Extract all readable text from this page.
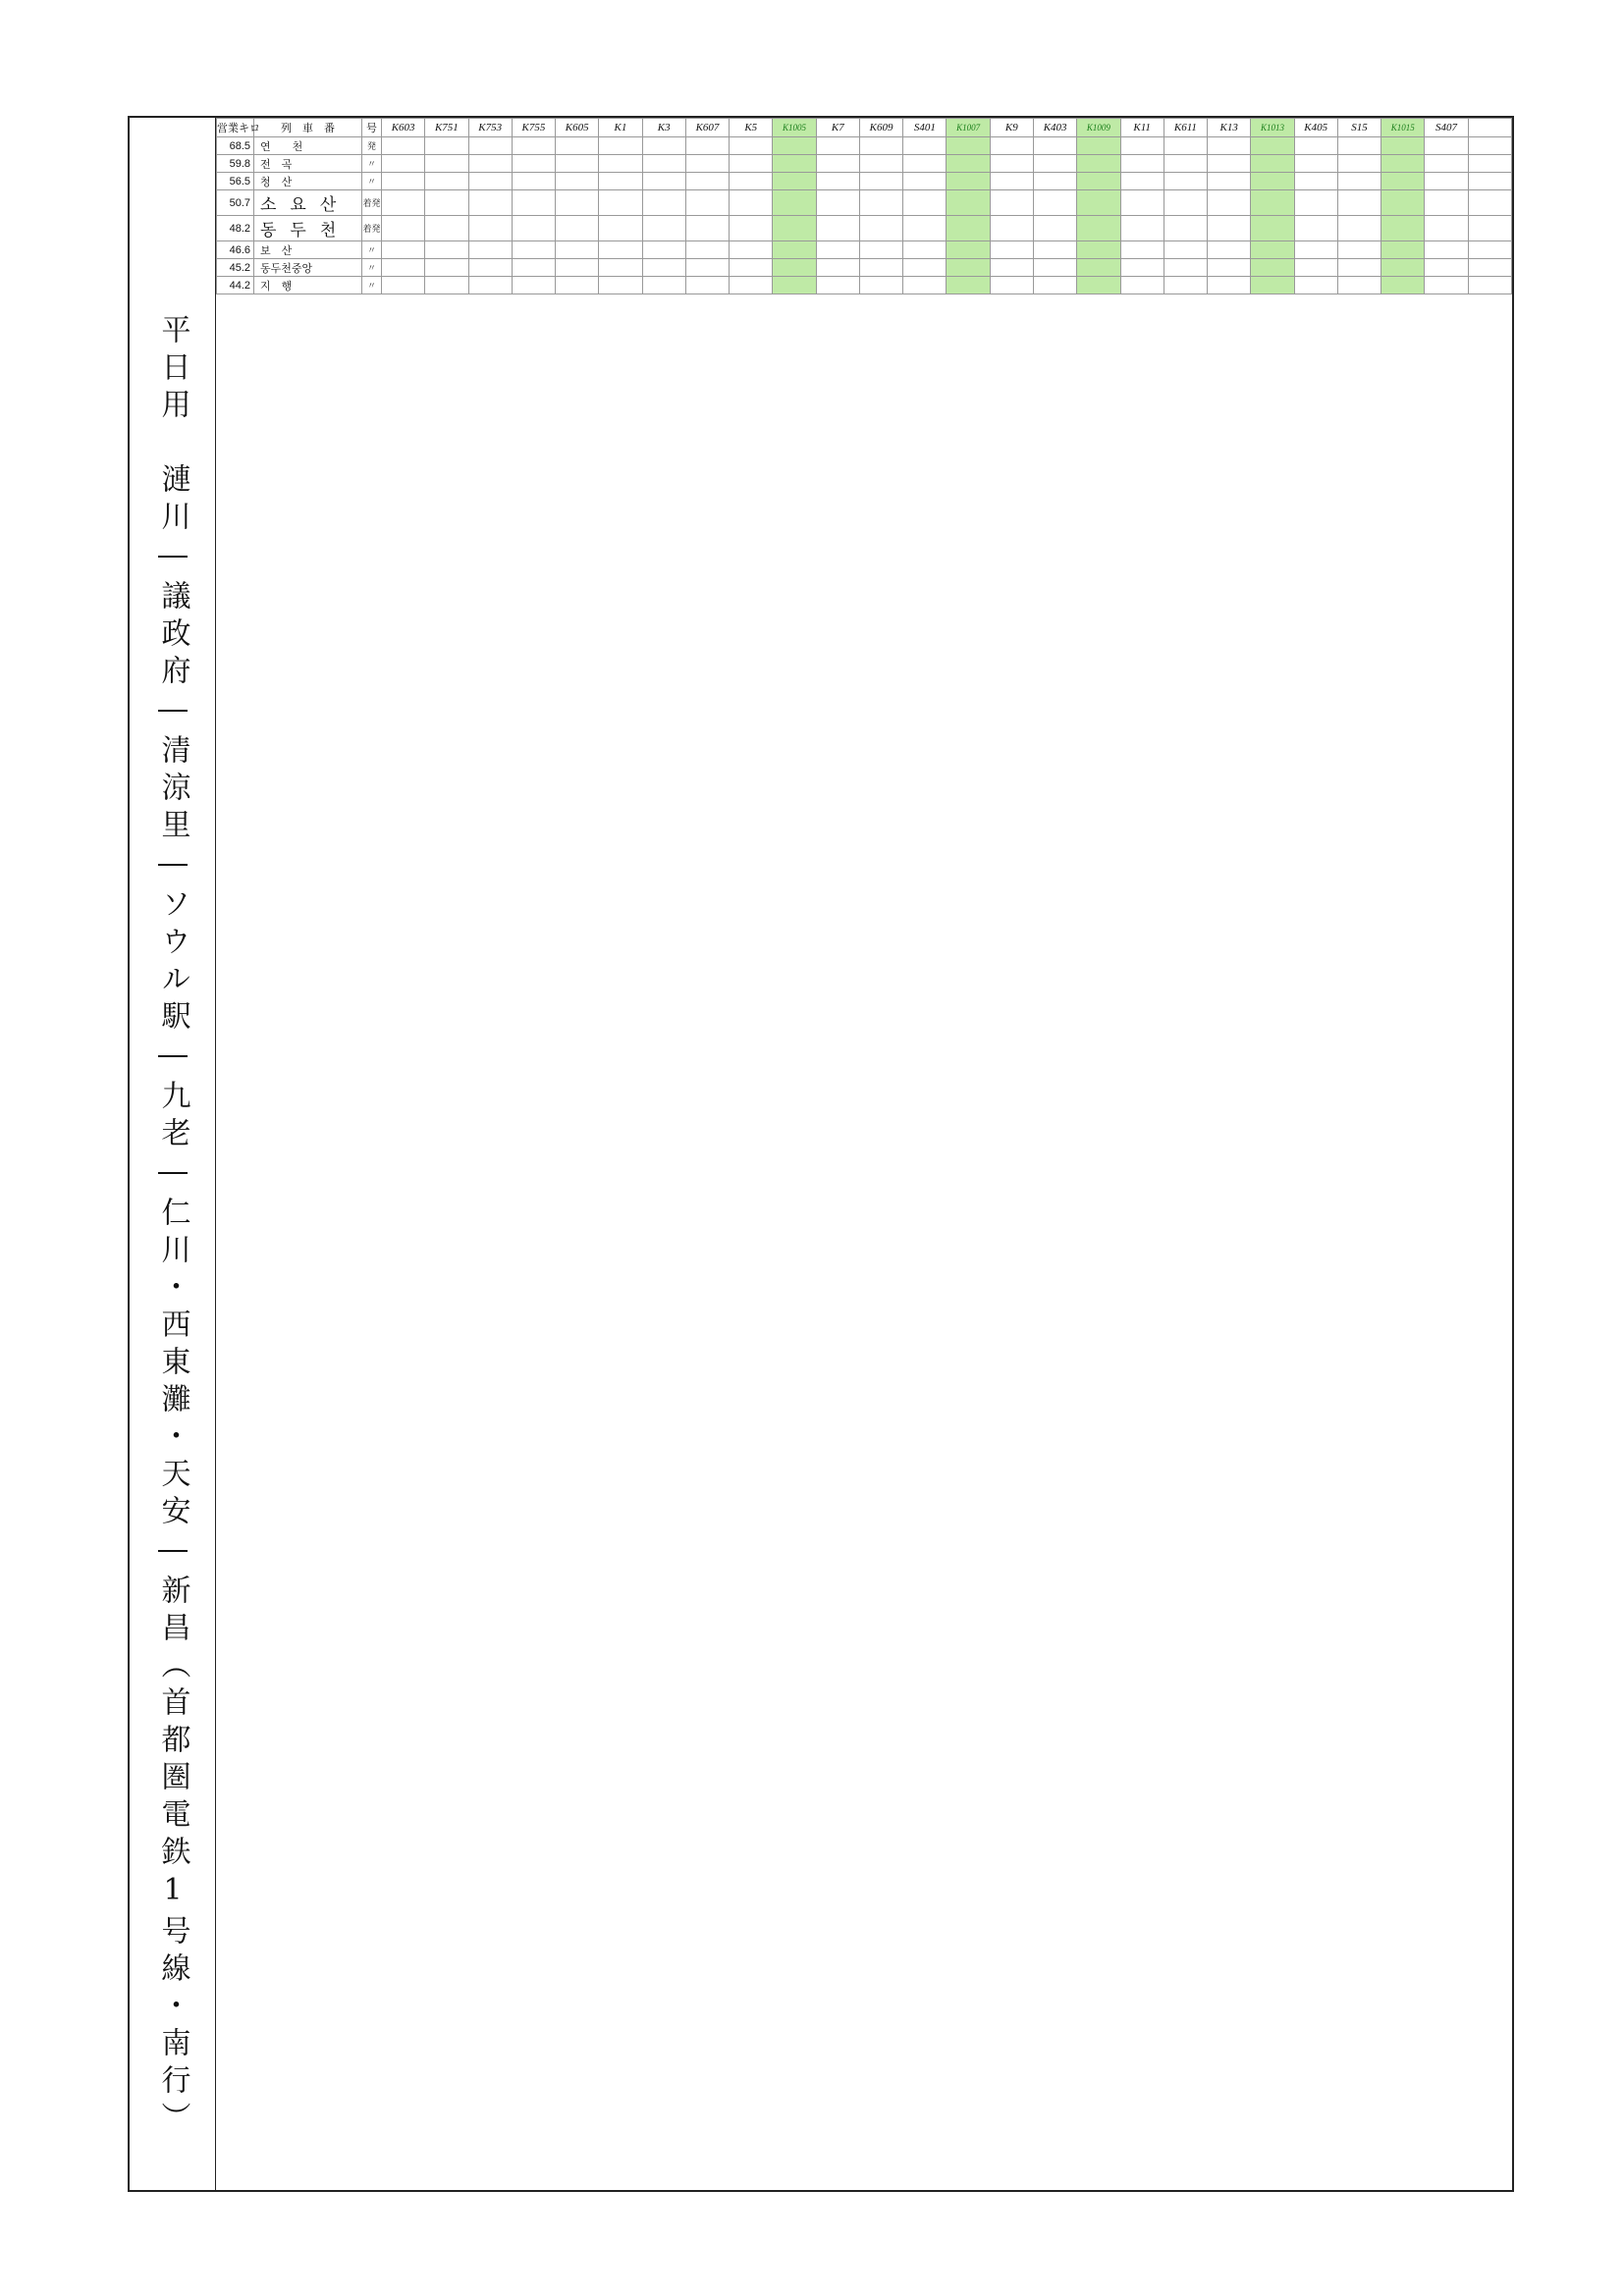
平日用　漣川―議政府―清涼里―ソウル駅―九老―仁川・西東灘・天安―新昌（首都圏電鉄1号線・南行）
営業キロ	列　 車　 番	号	K603	K751	K753	K755	K605	K1	K3	K607	K5	K1005	K7	K609	S401	K1007	K9	K403	K1009	K11	K611	K13	K1013	K405	S15	K1015	S407	
68.5	연　　천	発																										
59.8	전　곡	〃																										
56.5	청　산	〃																										
50.7	소요산	着発																										
48.2	동두천	着発																										
46.6	보　산	〃																										
45.2	동두천중앙	〃																										
44.2	지　행	〃																										
